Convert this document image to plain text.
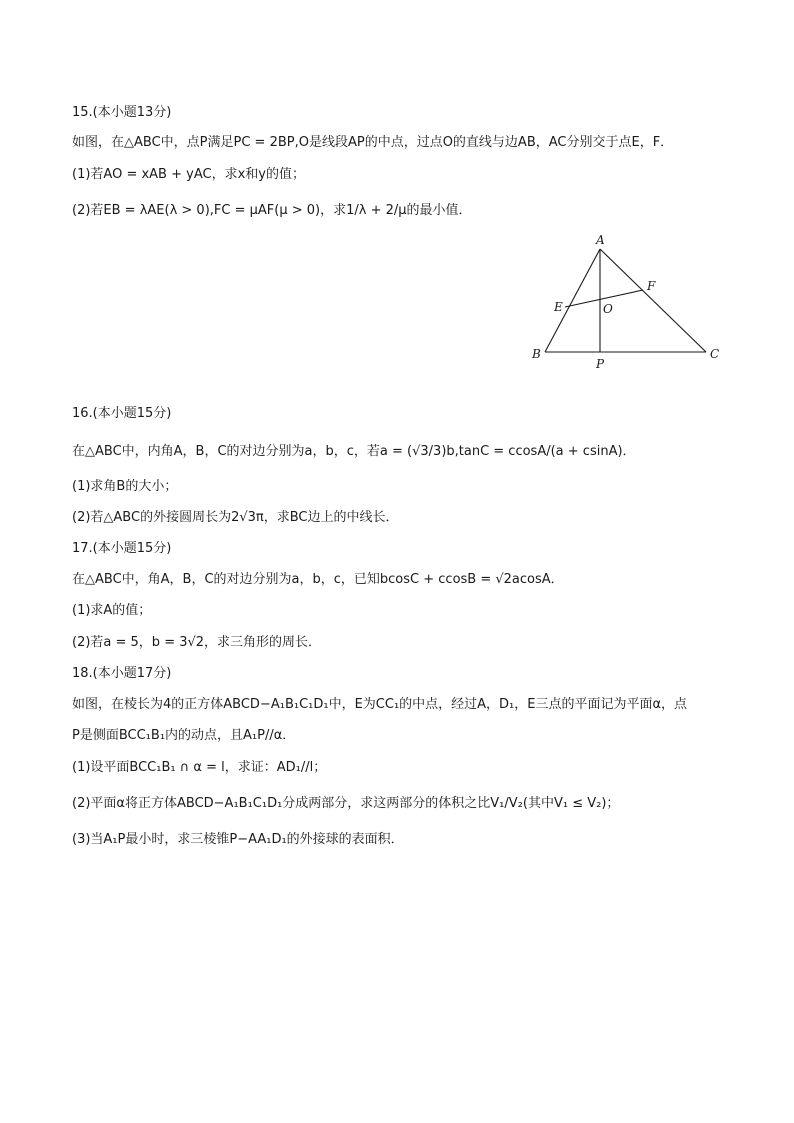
15.(本小题13分)
如图，在△ABC中，点P满足PC = 2BP,O是线段AP的中点，过点O的直线与边AB，AC分别交于点E，F．
(1)若AO = xAB + yAC，求x和y的值；
(2)若EB = λAE(λ > 0),FC = μAF(μ > 0)，求1/λ + 2/μ的最小值．
A
E
F
O
B
P
C
16.(本小题15分)
在△ABC中，内角A，B，C的对边分别为a，b，c，若a = (√3/3)b,tanC = ccosA/(a + csinA)．
(1)求角B的大小；
(2)若△ABC的外接圆周长为2√3π，求BC边上的中线长．
17.(本小题15分)
在△ABC中，角A，B，C的对边分别为a，b，c，已知bcosC + ccosB = √2acosA．
(1)求A的值；
(2)若a = 5，b = 3√2，求三角形的周长．
18.(本小题17分)
如图，在棱长为4的正方体ABCD−A₁B₁C₁D₁中，E为CC₁的中点，经过A，D₁，E三点的平面记为平面α，点
P是侧面BCC₁B₁内的动点，且A₁P//α．
(1)设平面BCC₁B₁ ∩ α = l，求证：AD₁//l；
(2)平面α将正方体ABCD−A₁B₁C₁D₁分成两部分，求这两部分的体积之比V₁/V₂(其中V₁ ≤ V₂)；
(3)当A₁P最小时，求三棱锥P−AA₁D₁的外接球的表面积．
